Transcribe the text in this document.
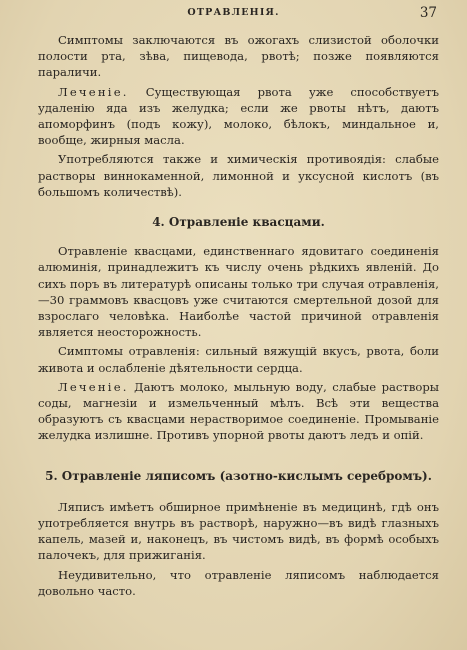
ОТРАВЛЕНІЯ.	37

Симптомы заключаются въ ожогахъ слизистой оболочки полости рта, зѣва, пищевода, рвотѣ; позже появляются параличи.

Леченіе. Существующая рвота уже способствуетъ удаленію яда изъ желудка; если же рвоты нѣтъ, даютъ апоморфинъ (подъ кожу), молоко, бѣлокъ, миндальное и, вообще, жирныя масла.

Употребляются также и химическія противоядія: слабые растворы виннокаменной, лимонной и уксусной кислотъ (въ большомъ количествѣ).

4. Отравленіе квасцами.

Отравленіе квасцами, единственнаго ядовитаго соединенія алюминія, принадлежитъ къ числу очень рѣдкихъ явленій. До сихъ поръ въ литературѣ описаны только три случая отравленія,—30 граммовъ квасцовъ уже считаются смертельной дозой для взрослаго человѣка. Наиболѣе частой причиной отравленія является неосторожность.

Симптомы отравленія: сильный вяжущій вкусъ, рвота, боли живота и ослабленіе дѣятельности сердца.

Леченіе. Даютъ молоко, мыльную воду, слабые растворы соды, магнезіи и измельченный мѣлъ. Всѣ эти вещества образуютъ съ квасцами нерастворимое соединеніе. Промываніе желудка излишне. Противъ упорной рвоты даютъ ледъ и опій.

5. Отравленіе ляписомъ (азотно-кислымъ серебромъ).

Ляписъ имѣетъ обширное примѣненіе въ медицинѣ, гдѣ онъ употребляется внутрь въ растворѣ, наружно—въ видѣ глазныхъ капель, мазей и, наконецъ, въ чистомъ видѣ, въ формѣ особыхъ палочекъ, для прижиганія.

Неудивительно, что отравленіе ляписомъ наблюдается довольно часто.
